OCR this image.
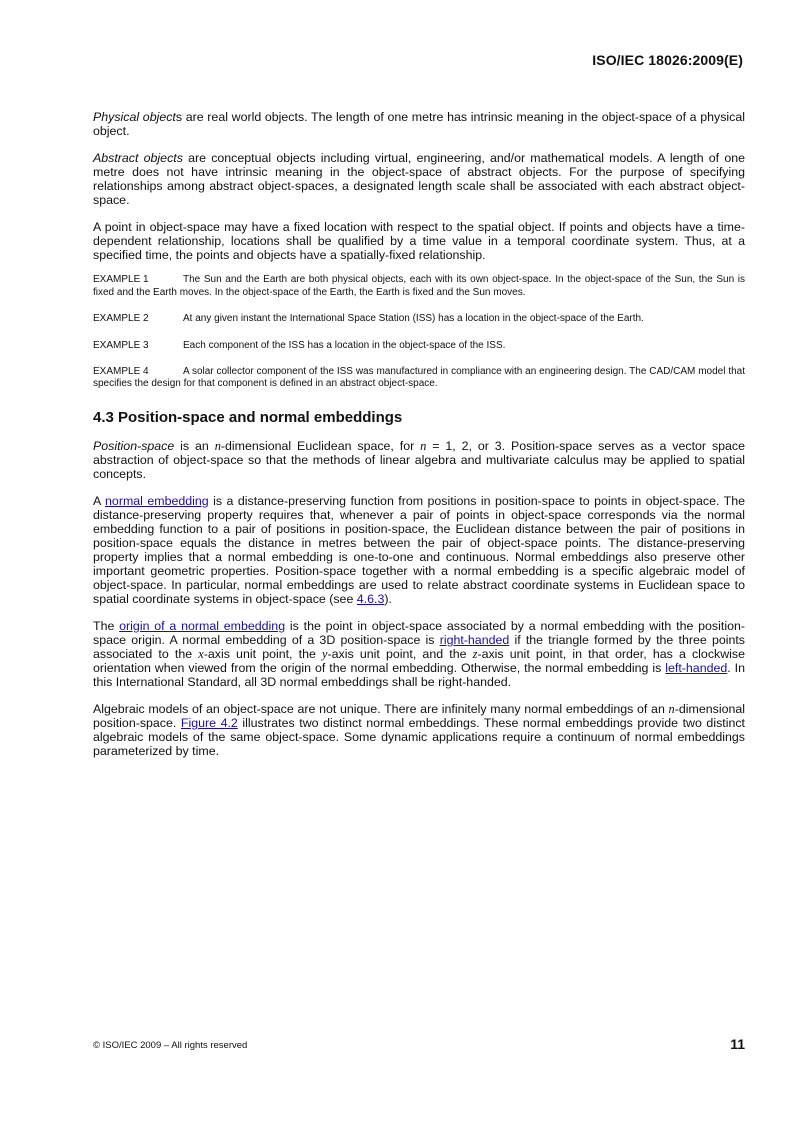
ISO/IEC 18026:2009(E)

Physical objects are real world objects. The length of one metre has intrinsic meaning in the object-space of a physical object.

Abstract objects are conceptual objects including virtual, engineering, and/or mathematical models. A length of one metre does not have intrinsic meaning in the object-space of abstract objects. For the purpose of specifying relationships among abstract object-spaces, a designated length scale shall be associated with each abstract object-space.

A point in object-space may have a fixed location with respect to the spatial object. If points and objects have a time-dependent relationship, locations shall be qualified by a time value in a temporal coordinate system. Thus, at a specified time, the points and objects have a spatially-fixed relationship.

EXAMPLE 1	The Sun and the Earth are both physical objects, each with its own object-space. In the object-space of the Sun, the Sun is fixed and the Earth moves. In the object-space of the Earth, the Earth is fixed and the Sun moves.
EXAMPLE 2	At any given instant the International Space Station (ISS) has a location in the object-space of the Earth.
EXAMPLE 3	Each component of the ISS has a location in the object-space of the ISS.
EXAMPLE 4	A solar collector component of the ISS was manufactured in compliance with an engineering design. The CAD/CAM model that specifies the design for that component is defined in an abstract object-space.
4.3 Position-space and normal embeddings

Position-space is an n-dimensional Euclidean space, for n = 1, 2, or 3. Position-space serves as a vector space abstraction of object-space so that the methods of linear algebra and multivariate calculus may be applied to spatial concepts.

A normal embedding is a distance-preserving function from positions in position-space to points in object-space. The distance-preserving property requires that, whenever a pair of points in object-space corresponds via the normal embedding function to a pair of positions in position-space, the Euclidean distance between the pair of positions in position-space equals the distance in metres between the pair of object-space points. The distance-preserving property implies that a normal embedding is one-to-one and continuous. Normal embeddings also preserve other important geometric properties. Position-space together with a normal embedding is a specific algebraic model of object-space. In particular, normal embeddings are used to relate abstract coordinate systems in Euclidean space to spatial coordinate systems in object-space (see 4.6.3).

The origin of a normal embedding is the point in object-space associated by a normal embedding with the position-space origin. A normal embedding of a 3D position-space is right-handed if the triangle formed by the three points associated to the x-axis unit point, the y-axis unit point, and the z-axis unit point, in that order, has a clockwise orientation when viewed from the origin of the normal embedding. Otherwise, the normal embedding is left-handed. In this International Standard, all 3D normal embeddings shall be right-handed.

Algebraic models of an object-space are not unique. There are infinitely many normal embeddings of an n-dimensional position-space. Figure 4.2 illustrates two distinct normal embeddings. These normal embeddings provide two distinct algebraic models of the same object-space. Some dynamic applications require a continuum of normal embeddings parameterized by time.

© ISO/IEC 2009 – All rights reserved	11
